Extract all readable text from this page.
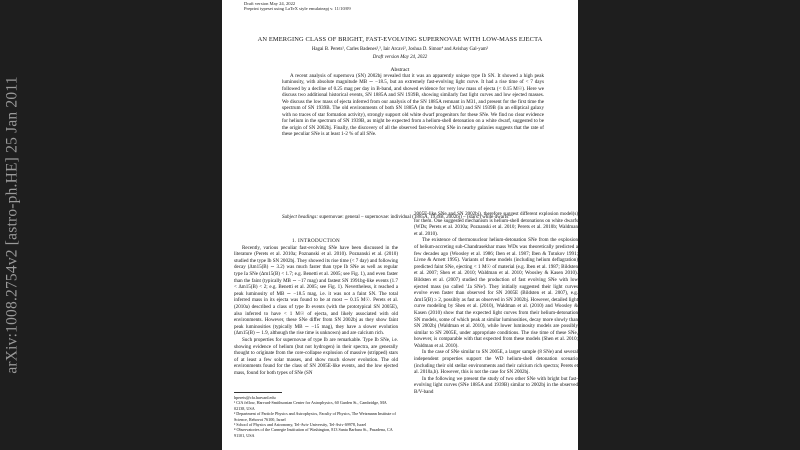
arXiv:1008.2754v2 [astro-ph.HE] 25 Jan 2011
Draft version May 24, 2022
Preprint typeset using LaTeX style emulateapj v. 11/10/09
AN EMERGING CLASS OF BRIGHT, FAST-EVOLVING SUPERNOVAE WITH LOW-MASS EJECTA
Hagai B. Perets¹, Carles Badenes²,³, Iair Arcavi², Joshua D. Simon⁴ and Avishay Gal-yam²
Draft version May 24, 2022
Abstract

A recent analysis of supernova (SN) 2002bj revealed that it was an apparently unique type Ib SN. It showed a high peak luminosity, with absolute magnitude MB ∼ −18.5, but an extremely fast-evolving light curve. It had a rise time of < 7 days followed by a decline of 0.25 mag per day in B-band, and showed evidence for very low mass of ejecta (< 0.15 M☉). Here we discuss two additional historical events, SN 1885A and SN 1939B, showing similarly fast light curves and low ejected masses. We discuss the low mass of ejecta inferred from our analysis of the SN 1885A remnant in M31, and present for the first time the spectrum of SN 1939B. The old environments of both SN 1885A (in the bulge of M31) and SN 1939B (in an elliptical galaxy with no traces of star formation activity), strongly support old white dwarf progenitors for these SNe. We find no clear evidence for helium in the spectrum of SN 1939B, as might be expected from a helium-shell detonation on a white dwarf, suggested to be the origin of SN 2002bj. Finally, the discovery of all the observed fast-evolving SNe in nearby galaxies suggests that the rate of these peculiar SNe is at least 1-2 % of all SNe.

Subject headings: supernovae: general – supernovae: individual (1885A, 1939B, 2002bj) – (stars:) white dwarfs

1. INTRODUCTION

Recently, various peculiar fast-evolving SNe have been discussed in the literature (Perets et al. 2010a; Poznanski et al. 2010). Poznanski et al. (2010) studied the type Ib SN 2002bj. They showed its rise time (< 7 day) and following decay (Δm15(B) ∼ 3.2) was much faster than type Ib SNe as well as regular type Ia SNe (Δm15(B) < 1.7; e.g. Benetti et al. 2005; see Fig. 1), and even faster than the faint (typically MB ∼ −17 mag) and fastest SN 1991bg-like events (1.7 < Δm15(B) < 2; e.g. Benetti et al. 2005; see Fig. 1). Nevertheless, it reached a peak luminosity of MB ∼ −18.5 mag, i.e. it was not a faint SN. The total inferred mass in its ejecta was found to be at most ∼ 0.15 M☉. Perets et al. (2010a) described a class of type Ib events (with the prototypical SN 2005E), also inferred to have < 1 M☉ of ejecta, and likely associated with old environments. However, these SNe differ from SN 2002bj as they show faint peak luminosities (typically MB ∼ −15 mag), they have a slower evolution (Δm15(B) ∼ 1.9, although the rise time is unknown) and are calcium rich.

Such properties for supernovae of type Ib are remarkable. Type Ib SNe, i.e. showing evidence of helium (but not hydrogen) in their spectra, are generally thought to originate from the core-collapse explosion of massive (stripped) stars of at least a few solar masses, and show much slower evolution. The old environments found for the class of SN 2005E-like events, and the low ejected mass, found for both types of SNe (SN

hperets@cfa.harvard.edu

¹ CfA fellow, Harvard-Smithsonian Center for Astrophysics, 60 Garden St., Cambridge, MA 02138, USA

² Department of Particle Physics and Astrophysics, Faculty of Physics, The Weizmann Institute of Science, Rehovot 76100, Israel

³ School of Physics and Astronomy, Tel-Aviv University, Tel-Aviv 69978, Israel

⁴ Observatories of the Carnegie Institution of Washington, 813 Santa Barbara St., Pasadena, CA 91101, USA

2005E-like SNe and SN 2002bj), therefore suggest different explosion model(s) for them. One suggested mechanism is helium-shell detonations on white dwarfs (WDs; Perets et al. 2010a; Poznanski et al. 2010; Perets et al. 2010b; Waldman et al. 2010).

The existence of thermonuclear helium-detonation SNe from the explosion of helium-accreting sub-Chandrasekhar mass WDs was theoretically predicted a few decades ago (Woosley et al. 1986; Iben et al. 1987; Iben & Tutukov 1991; Livne & Arnett 1995). Variants of these models (including helium deflagration) predicted faint SNe, ejecting < 1 M☉ of material (e.g. Iben et al. 1987; Bildsten et al. 2007; Shen et al. 2010; Waldman et al. 2010; Woosley & Kasen 2010). Bildsten et al. (2007) studied the production of fast evolving SNe with low ejected mass (so called '.Ia SNe'). They initially suggested their light curves evolve even faster than observed for SN 2005E (Bildsten et al. 2007), e.g. Δm15(B) ≥ 2, possibly as fast as observed in SN 2002bj. However, detailed light curve modeling by Shen et al. (2010), Waldman et al. (2010) and Woosley & Kasen (2010) show that the expected light curves from their helium-detonation SN models, some of which peak at similar luminosities, decay more slowly than SN 2002bj (Waldman et al. 2010), while lower luminosity models are possibly similar to SN 2005E, under appropriate conditions. The rise time of these SNe, however, is comparable with that expected from these models (Shen et al. 2010; Waldman et al. 2010).

In the case of SNe similar to SN 2005E, a larger sample (8 SNe) and several independent properties support the WD helium-shell detonation scenario (including their old stellar environments and their calcium rich spectra; Perets et al. 2010a,b). However, this is not the case for SN 2002bj.

In the following we present the study of two other SNe with bright but fast-evolving light curves (SNe 1885A and 1939B) similar to 2002bj in the observed B/V-band
